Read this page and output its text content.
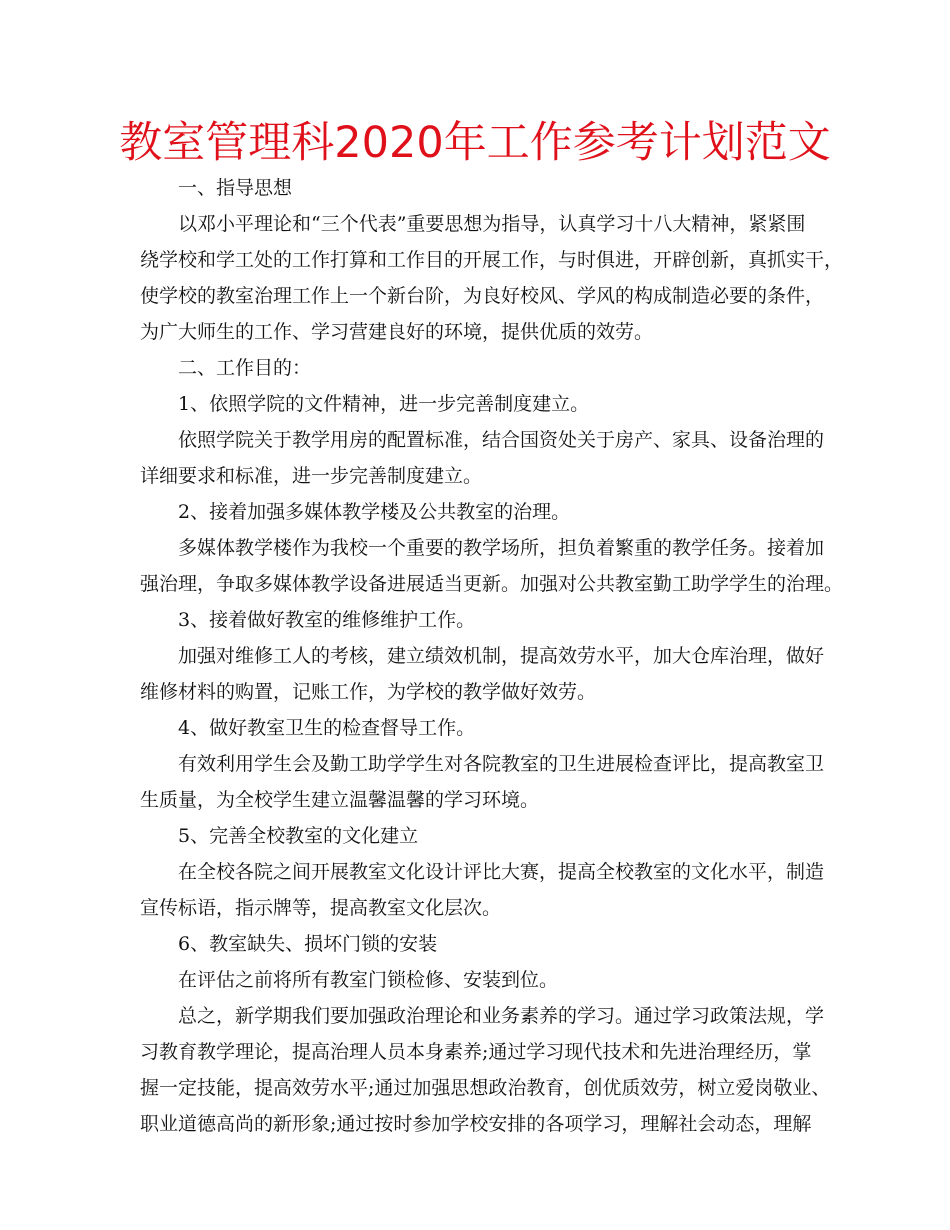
教室管理科2020年工作参考计划范文
一、指导思想
以邓小平理论和“三个代表”重要思想为指导，认真学习十八大精神，紧紧围
绕学校和学工处的工作打算和工作目的开展工作，与时俱进，开辟创新，真抓实干，
使学校的教室治理工作上一个新台阶，为良好校风、学风的构成制造必要的条件，
为广大师生的工作、学习营建良好的环境，提供优质的效劳。
二、工作目的：
1、依照学院的文件精神，进一步完善制度建立。
依照学院关于教学用房的配置标准，结合国资处关于房产、家具、设备治理的
详细要求和标准，进一步完善制度建立。
2、接着加强多媒体教学楼及公共教室的治理。
多媒体教学楼作为我校一个重要的教学场所，担负着繁重的教学任务。接着加
强治理，争取多媒体教学设备进展适当更新。加强对公共教室勤工助学学生的治理。
3、接着做好教室的维修维护工作。
加强对维修工人的考核，建立绩效机制，提高效劳水平，加大仓库治理，做好
维修材料的购置，记账工作，为学校的教学做好效劳。
4、做好教室卫生的检查督导工作。
有效利用学生会及勤工助学学生对各院教室的卫生进展检查评比，提高教室卫
生质量，为全校学生建立温馨温馨的学习环境。
5、完善全校教室的文化建立
在全校各院之间开展教室文化设计评比大赛，提高全校教室的文化水平，制造
宣传标语，指示牌等，提高教室文化层次。
6、教室缺失、损坏门锁的安装
在评估之前将所有教室门锁检修、安装到位。
总之，新学期我们要加强政治理论和业务素养的学习。通过学习政策法规，学
习教育教学理论，提高治理人员本身素养;通过学习现代技术和先进治理经历，掌
握一定技能，提高效劳水平;通过加强思想政治教育，创优质效劳，树立爱岗敬业、
职业道德高尚的新形象;通过按时参加学校安排的各项学习，理解社会动态，理解
